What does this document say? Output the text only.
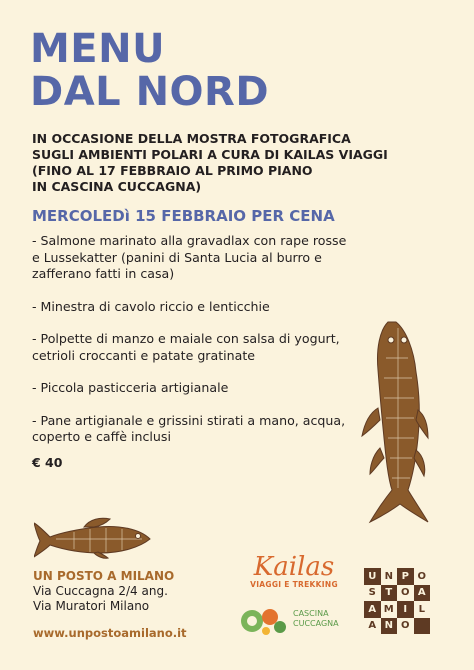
MENU
DAL NORD
IN OCCASIONE DELLA MOSTRA FOTOGRAFICA
SUGLI AMBIENTI POLARI A CURA DI KAILAS VIAGGI
(FINO AL 17 FEBBRAIO AL PRIMO PIANO
IN CASCINA CUCCAGNA)
MERCOLEDì 15 FEBBRAIO PER CENA
- Salmone marinato alla gravadlax con rape rosse e Lussekatter (panini di Santa Lucia al burro e zafferano fatti in casa)
- Minestra di cavolo riccio e lenticchie
- Polpette di manzo e maiale con salsa di yogurt, cetrioli croccanti e patate gratinate
- Piccola pasticceria artigianale
- Pane artigianale e grissini stirati a mano, acqua, coperto e caffè inclusi
€ 40
UN POSTO A MILANO
Via Cuccagna 2/4 ang.
Via Muratori Milano
www.unpostoamilano.it
Kailas
VIAGGI E TREKKING
CASCINA
CUCCAGNA
U N P O
S T O A
A M I	L
A N O
